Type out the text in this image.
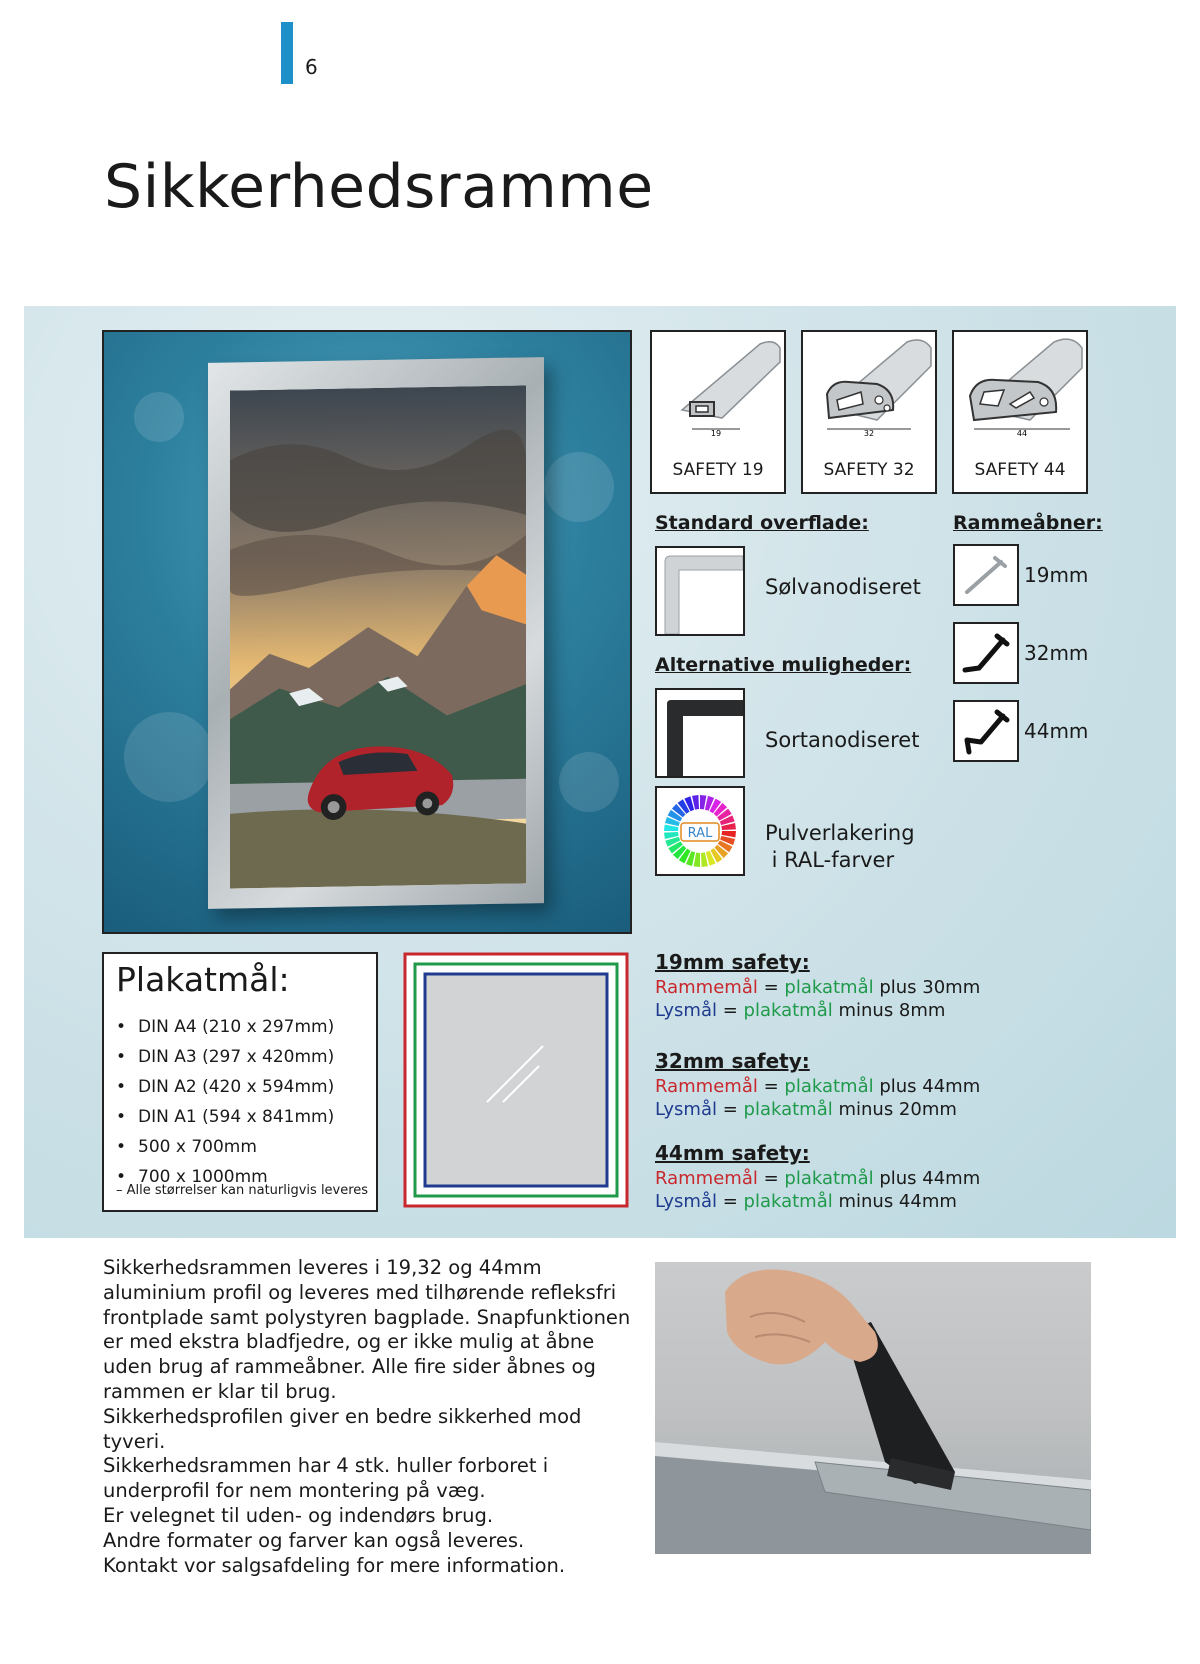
6
Sikkerhedsramme
19
SAFETY 19
32
SAFETY 32
44
SAFETY 44
Standard overflade:
Sølvanodiseret
Alternative muligheder:
Sortanodiseret
RAL	Pulverlakering
i RAL-farver
Rammeåbner:
19mm
32mm
44mm
Plakatmål:
• DIN A4 (210 x 297mm)
• DIN A3 (297 x 420mm)
• DIN A2 (420 x 594mm)
• DIN A1 (594 x 841mm)
• 500 x 700mm
• 700 x 1000mm
– Alle størrelser kan naturligvis leveres
19mm safety:
Rammemål = plakatmål plus 30mm
Lysmål = plakatmål minus 8mm
32mm safety:
Rammemål = plakatmål plus 44mm
Lysmål = plakatmål minus 20mm
44mm safety:
Rammemål = plakatmål plus 44mm
Lysmål = plakatmål minus 44mm

Sikkerhedsrammen leveres i 19,32 og 44mm aluminium profil og leveres med tilhørende refleksfri frontplade samt polystyren bagplade. Snapfunktionen er med ekstra bladfjedre, og er ikke mulig at åbne uden brug af rammeåbner. Alle fire sider åbnes og rammen er klar til brug.

Sikkerhedsprofilen giver en bedre sikkerhed mod tyveri.

Sikkerhedsrammen har 4 stk. huller forboret i underprofil for nem montering på væg.

Er velegnet til uden- og indendørs brug.

Andre formater og farver kan også leveres.

Kontakt vor salgsafdeling for mere information.
